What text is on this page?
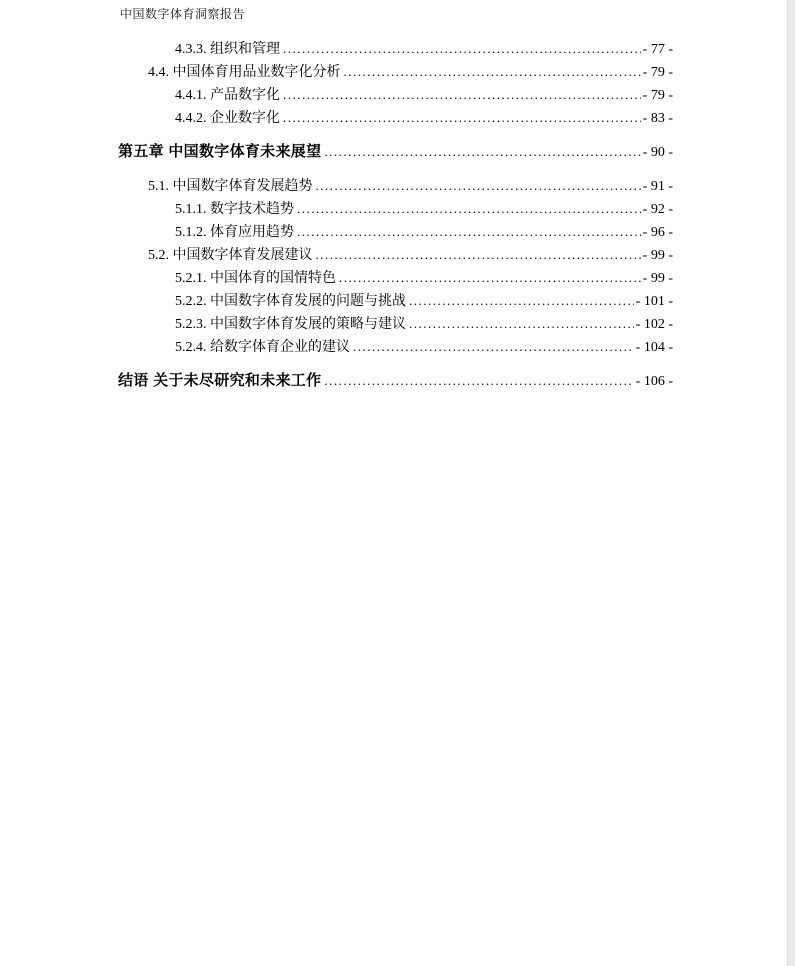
中国数字体育洞察报告
4.3.3. 组织和管理 .....	- 77 -
4.4. 中国体育用品业数字化分析 .....	- 79 -
4.4.1. 产品数字化 .....	- 79 -
4.4.2. 企业数字化 .....	- 83 -
第五章 中国数字体育未来展望 .....	- 90 -
5.1. 中国数字体育发展趋势 .....	- 91 -
5.1.1. 数字技术趋势 .....	- 92 -
5.1.2. 体育应用趋势 .....	- 96 -
5.2. 中国数字体育发展建议 .....	- 99 -
5.2.1. 中国体育的国情特色 .....	- 99 -
5.2.2. 中国数字体育发展的问题与挑战 .....	- 101 -
5.2.3. 中国数字体育发展的策略与建议 .....	- 102 -
5.2.4. 给数字体育企业的建议 .....	- 104 -
结语 关于未尽研究和未来工作 .....	- 106 -
